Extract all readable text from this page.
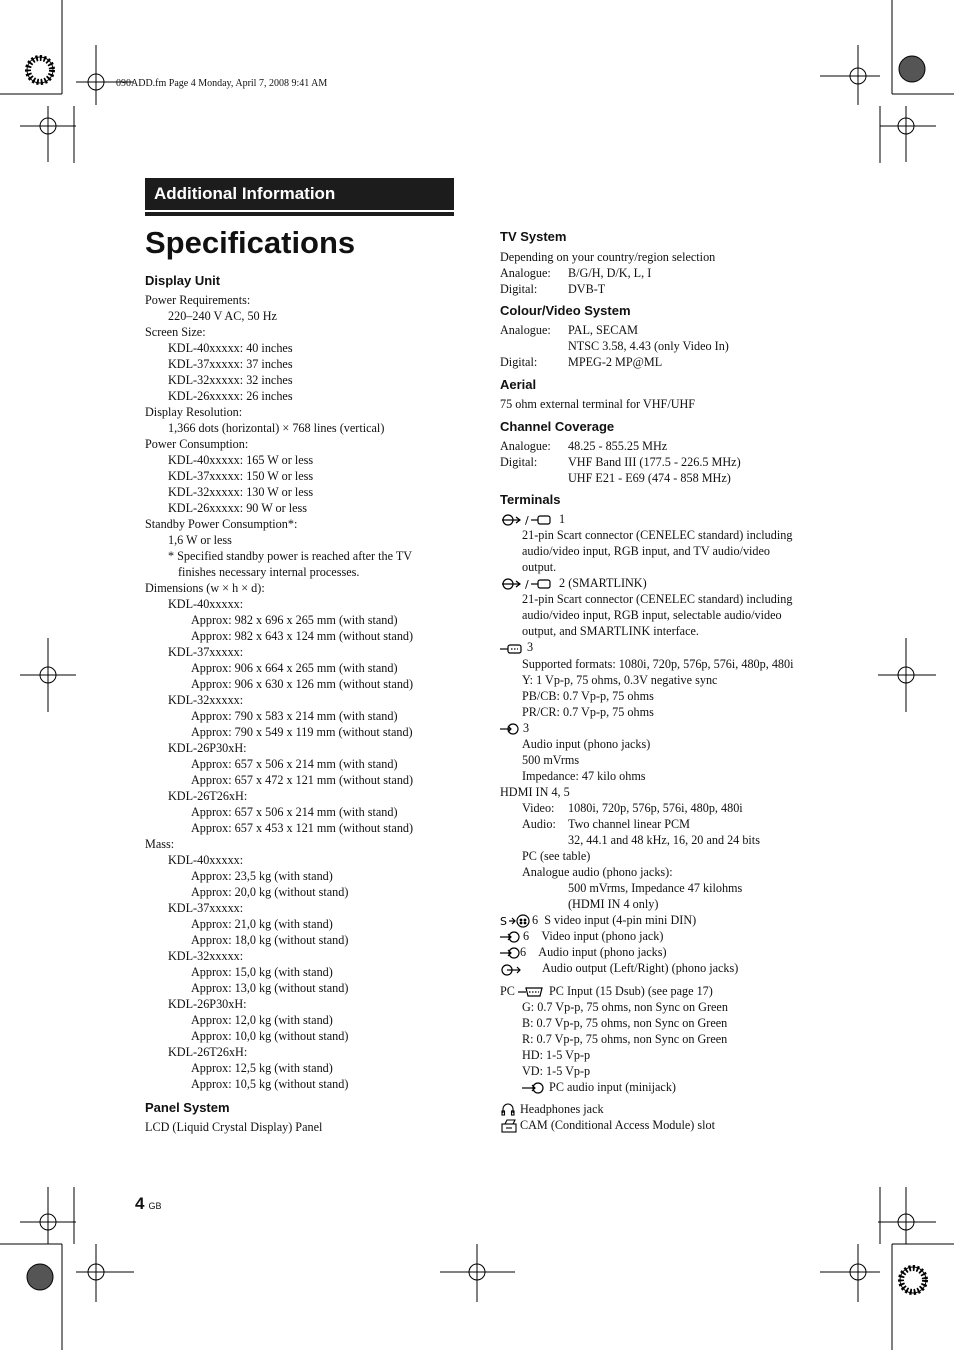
090ADD.fm Page 4 Monday, April 7, 2008 9:41 AM
Additional Information
Specifications
Display Unit
Power Requirements:
220–240 V AC, 50 Hz
Screen Size:
KDL-40xxxxx: 40 inches
KDL-37xxxxx: 37 inches
KDL-32xxxxx: 32 inches
KDL-26xxxxx: 26 inches
Display Resolution:
1,366 dots (horizontal) × 768 lines (vertical)
Power Consumption:
KDL-40xxxxx: 165 W or less
KDL-37xxxxx: 150 W or less
KDL-32xxxxx: 130 W or less
KDL-26xxxxx: 90 W or less
Standby Power Consumption*:
1,6 W or less
* Specified standby power is reached after the TV
finishes necessary internal processes.
Dimensions (w × h × d):
KDL-40xxxxx:
Approx: 982 x 696 x 265 mm (with stand)
Approx: 982 x 643 x 124 mm (without stand)
KDL-37xxxxx:
Approx: 906 x 664 x 265 mm (with stand)
Approx: 906 x 630 x 126 mm (without stand)
KDL-32xxxxx:
Approx: 790 x 583 x 214 mm (with stand)
Approx: 790 x 549 x 119 mm (without stand)
KDL-26P30xH:
Approx: 657 x 506 x 214 mm (with stand)
Approx: 657 x 472 x 121 mm (without stand)
KDL-26T26xH:
Approx: 657 x 506 x 214 mm (with stand)
Approx: 657 x 453 x 121 mm (without stand)
Mass:
KDL-40xxxxx:
Approx: 23,5 kg (with stand)
Approx: 20,0 kg (without stand)
KDL-37xxxxx:
Approx: 21,0 kg (with stand)
Approx: 18,0 kg (without stand)
KDL-32xxxxx:
Approx: 15,0 kg (with stand)
Approx: 13,0 kg (without stand)
KDL-26P30xH:
Approx: 12,0 kg (with stand)
Approx: 10,0 kg (without stand)
KDL-26T26xH:
Approx: 12,5 kg (with stand)
Approx: 10,5 kg (without stand)
Panel System
LCD (Liquid Crystal Display) Panel
TV System
Depending on your country/region selection
Analogue: B/G/H, D/K, L, I
Digital:	DVB-T
Colour/Video System
Analogue: PAL, SECAM
NTSC 3.58, 4.43 (only Video In)
Digital:	MPEG-2 MP@ML
Aerial
75 ohm external terminal for VHF/UHF
Channel Coverage
Analogue: 48.25 - 855.25 MHz
Digital:	VHF Band III (177.5 - 226.5 MHz)
UHF E21 - E69 (474 - 858 MHz)
Terminals
/ 1
21-pin Scart connector (CENELEC standard) including
audio/video input, RGB input, and TV audio/video
output.
/ 2 (SMARTLINK)
21-pin Scart connector (CENELEC standard) including
audio/video input, RGB input, selectable audio/video
output, and SMARTLINK interface.
3
Supported formats: 1080i, 720p, 576p, 576i, 480p, 480i
Y: 1 Vp-p, 75 ohms, 0.3V negative sync
PB/CB: 0.7 Vp-p, 75 ohms
PR/CR: 0.7 Vp-p, 75 ohms
3
Audio input (phono jacks)
500 mVrms
Impedance: 47 kilo ohms
HDMI IN 4, 5
Video: 1080i, 720p, 576p, 576i, 480p, 480i
Audio: Two channel linear PCM
32, 44.1 and 48 kHz, 16, 20 and 24 bits
PC (see table)
Analogue audio (phono jacks):
500 mVrms, Impedance 47 kilohms
(HDMI IN 4 only)
S 6 S video input (4-pin mini DIN)
6 Video input (phono jack)
6 Audio input (phono jacks)
Audio output (Left/Right) (phono jacks)
PC	PC Input (15 Dsub) (see page 17)
G: 0.7 Vp-p, 75 ohms, non Sync on Green
B: 0.7 Vp-p, 75 ohms, non Sync on Green
R: 0.7 Vp-p, 75 ohms, non Sync on Green
HD: 1-5 Vp-p
VD: 1-5 Vp-p
PC audio input (minijack)
Headphones jack
CAM (Conditional Access Module) slot
4 GB
